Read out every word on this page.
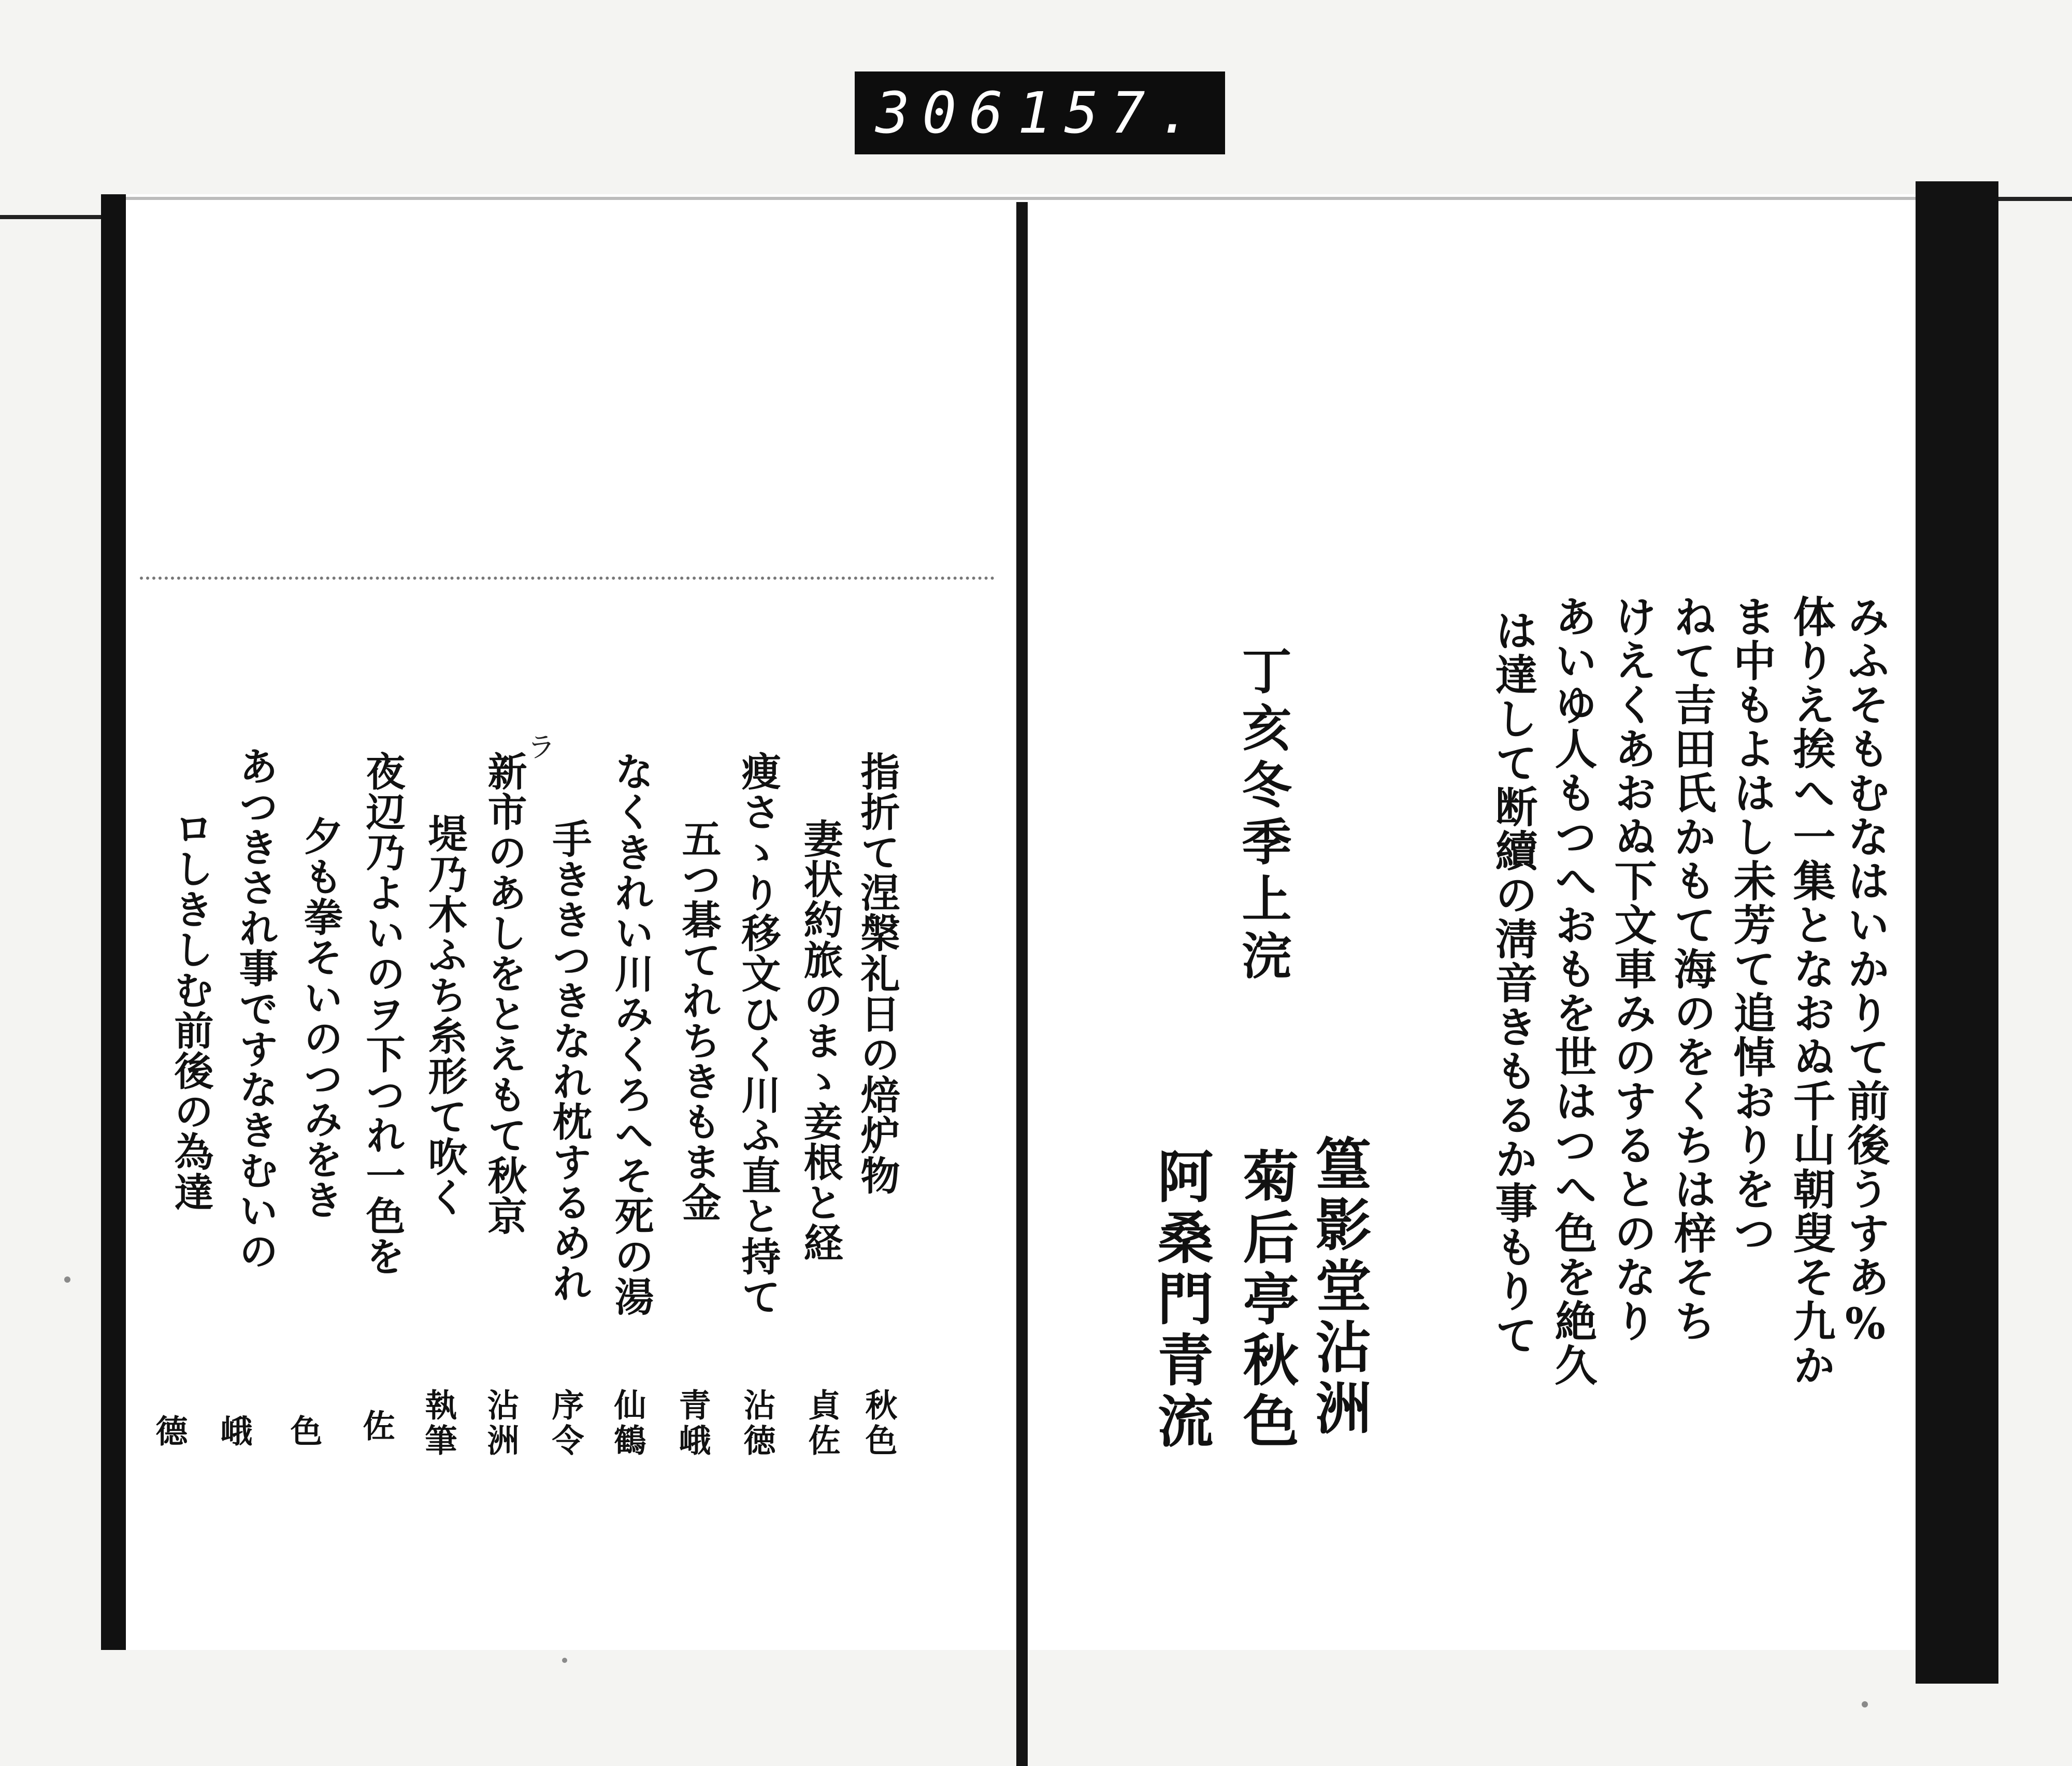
306 157.
みふそもむなはいかりて前後うすあ%
体りえ挨へ一集となおぬ千山朝叟そ九か
ま中もよはし未芳て追悼おりをつ
ねて吉田氏かもて海のをくちは梓そち
けえくあおぬ下文車みのするとのなり
あいゆ人もつへおもを世はつへ色を絶久
は達して断續の淸音きもるか事もりて
丁亥冬季上浣
篁影堂沾洲
菊后亭秋色
阿桑門青流
ラ
指折て涅槃礼日の焙炉物
秋色
妻状約旅のまゝ妾根と経
貞佐
痩さゝり移文ひく川ふ直と持て
沾徳
五つ碁てれちきもま金
青峨
なくきれい川みくろへそ死の湯
仙鶴
手ききつきなれ枕するめれ
序令
新市のあしをとえもて秋京
沾洲
堤乃木ふち糸形て吹く
執筆
夜辺乃よいのヲ下つれ一色を
佐
夕も拳そいのつみをき
色
あつきされ事ですなきむいの
峨
ロしきしむ前後の為達
德
